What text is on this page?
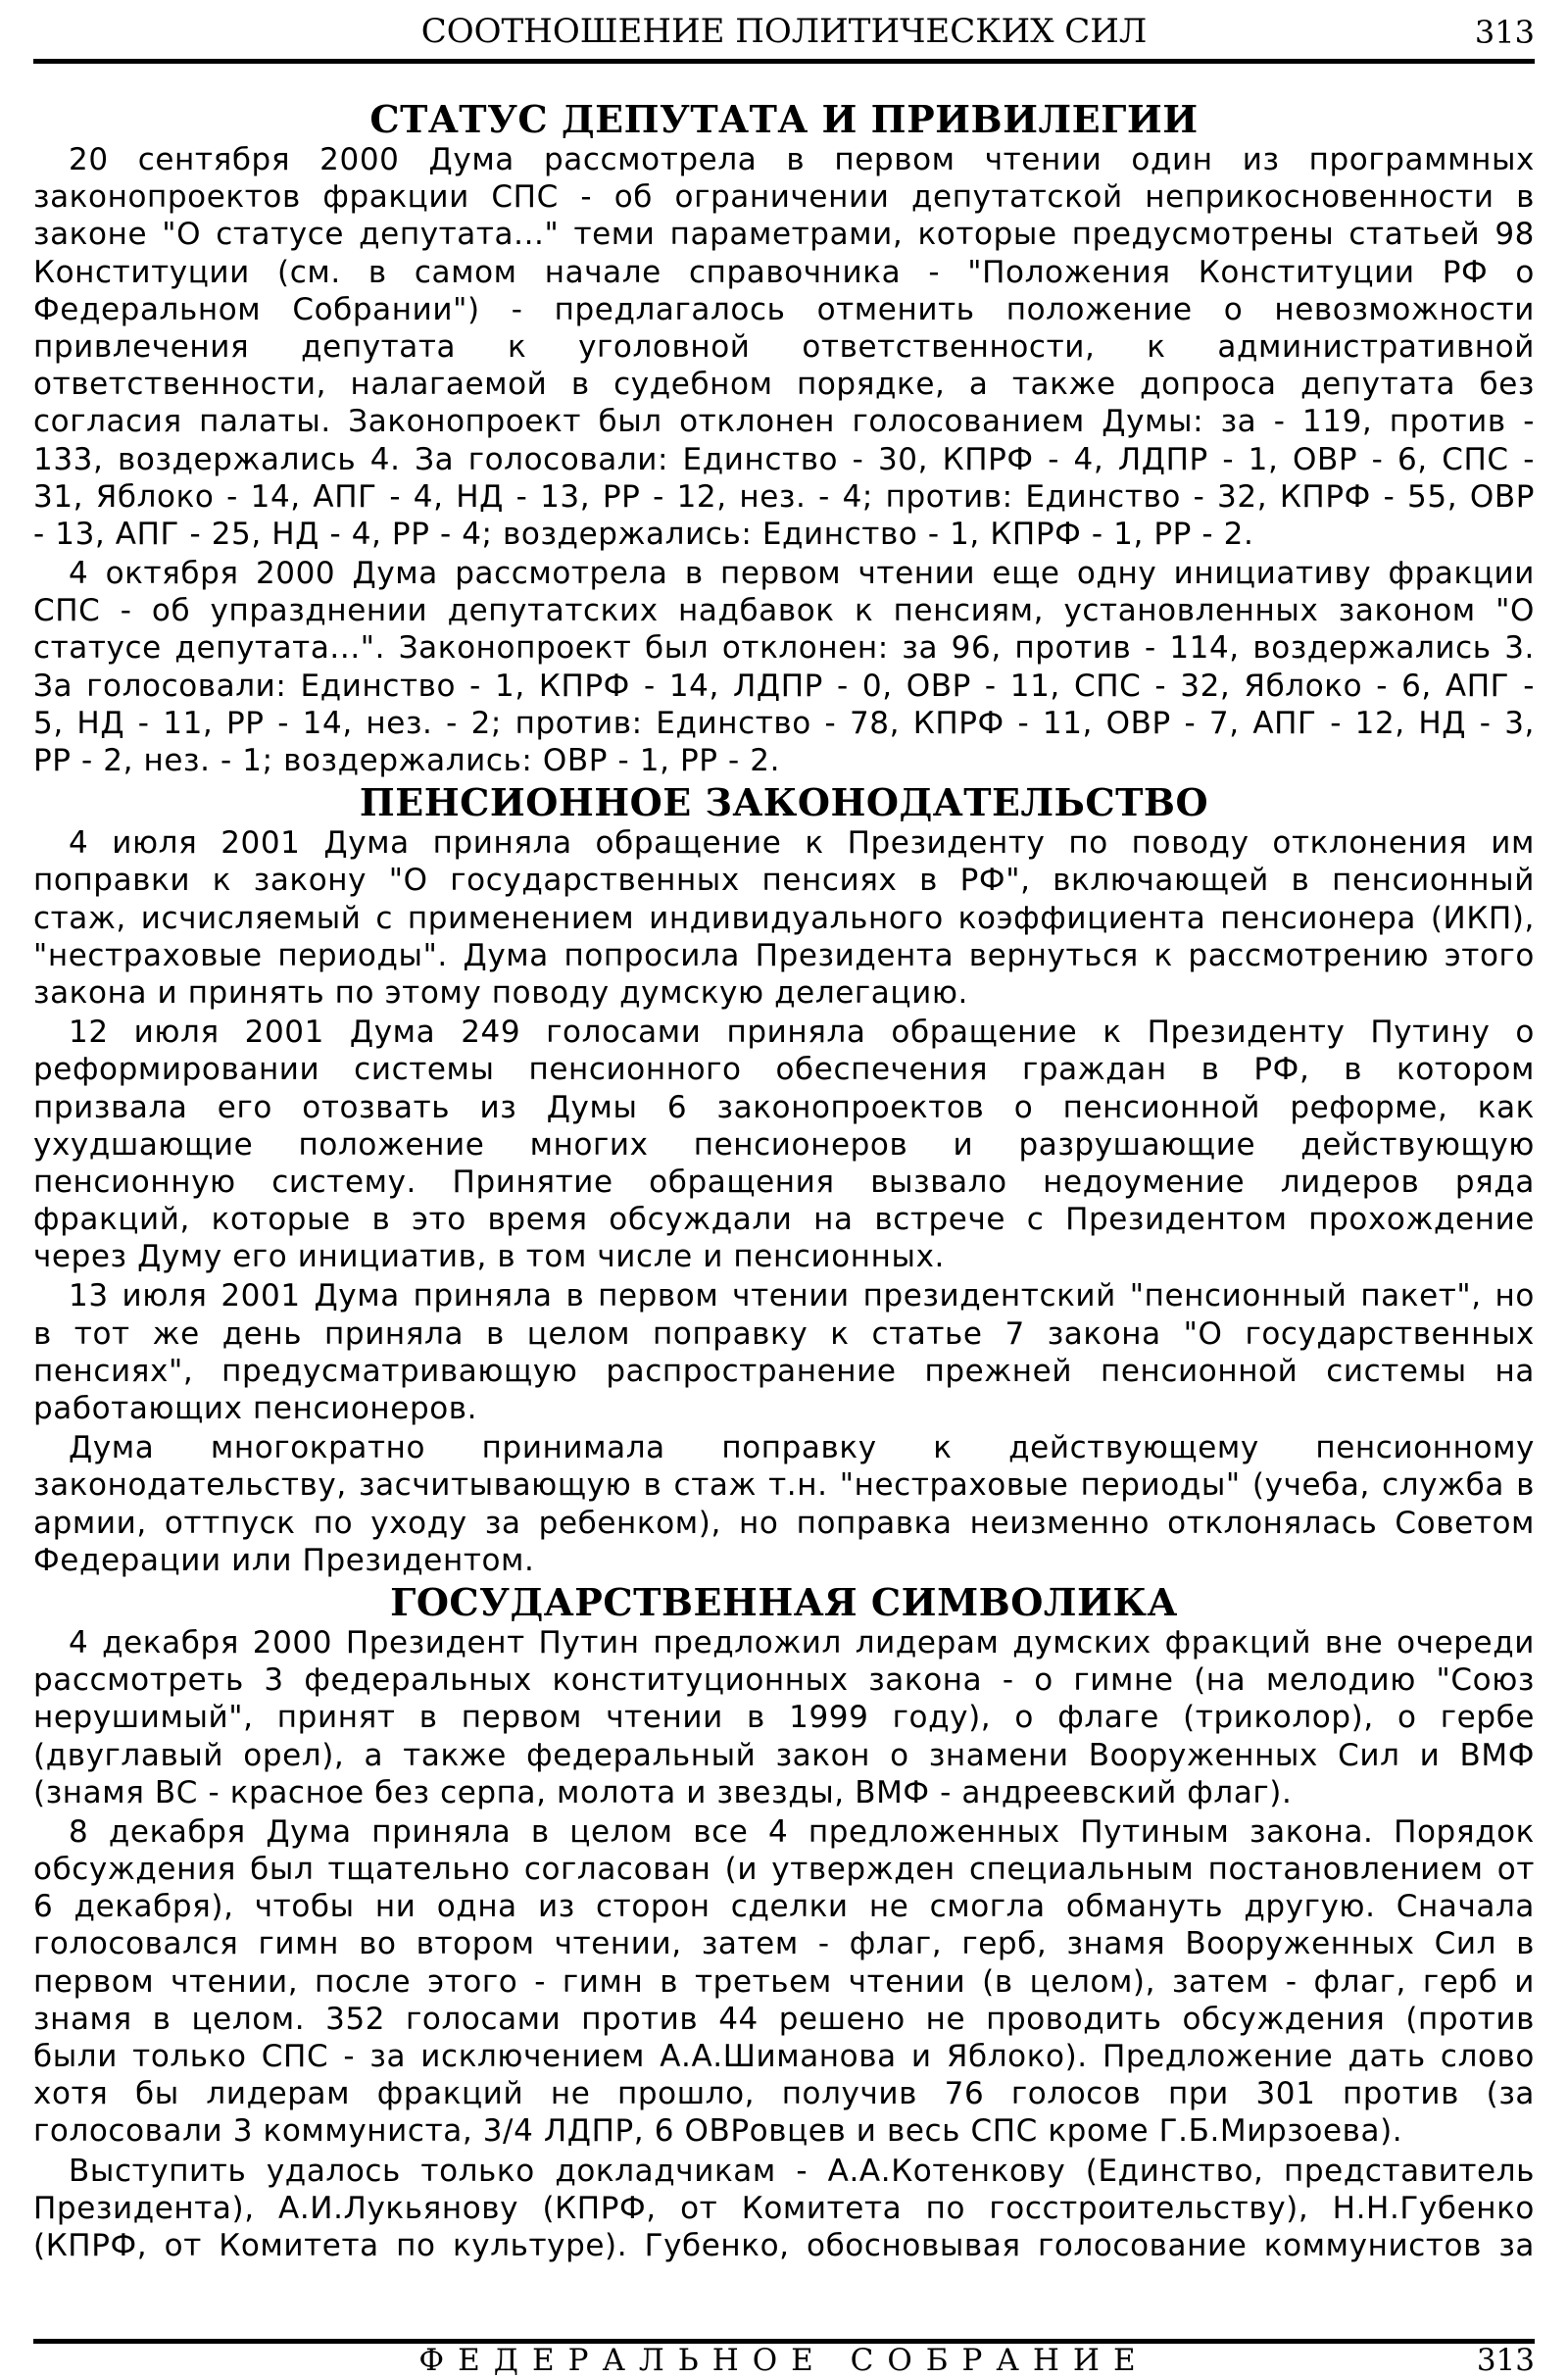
СООТНОШЕНИЕ ПОЛИТИЧЕСКИХ СИЛ	313
СТАТУС ДЕПУТАТА И ПРИВИЛЕГИИ
20 сентября 2000 Дума рассмотрела в первом чтении один из программных
законопроектов фракции СПС - об ограничении депутатской неприкосновенности в
законе "О статусе депутата..." теми параметрами, которые предусмотрены статьей 98
Конституции (см. в самом начале справочника - "Положения Конституции РФ о
Федеральном Собрании") - предлагалось отменить положение о невозможности
привлечения депутата к уголовной ответственности, к административной
ответственности, налагаемой в судебном порядке, а также допроса депутата без
согласия палаты. Законопроект был отклонен голосованием Думы: за - 119, против -
133, воздержались 4. За голосовали: Единство - 30, КПРФ - 4, ЛДПР - 1, ОВР - 6, СПС -
31, Яблоко - 14, АПГ - 4, НД - 13, РР - 12, нез. - 4; против: Единство - 32, КПРФ - 55, ОВР
- 13, АПГ - 25, НД - 4, РР - 4; воздержались: Единство - 1, КПРФ - 1, РР - 2.
4 октября 2000 Дума рассмотрела в первом чтении еще одну инициативу фракции
СПС - об упразднении депутатских надбавок к пенсиям, установленных законом "О
статусе депутата...". Законопроект был отклонен: за 96, против - 114, воздержались 3.
За голосовали: Единство - 1, КПРФ - 14, ЛДПР - 0, ОВР - 11, СПС - 32, Яблоко - 6, АПГ -
5, НД - 11, РР - 14, нез. - 2; против: Единство - 78, КПРФ - 11, ОВР - 7, АПГ - 12, НД - 3,
РР - 2, нез. - 1; воздержались: ОВР - 1, РР - 2.
ПЕНСИОННОЕ ЗАКОНОДАТЕЛЬСТВО
4 июля 2001 Дума приняла обращение к Президенту по поводу отклонения им
поправки к закону "О государственных пенсиях в РФ", включающей в пенсионный
стаж, исчисляемый с применением индивидуального коэффициента пенсионера (ИКП),
"нестраховые периоды". Дума попросила Президента вернуться к рассмотрению этого
закона и принять по этому поводу думскую делегацию.
12 июля 2001 Дума 249 голосами приняла обращение к Президенту Путину о
реформировании системы пенсионного обеспечения граждан в РФ, в котором
призвала его отозвать из Думы 6 законопроектов о пенсионной реформе, как
ухудшающие положение многих пенсионеров и разрушающие действующую
пенсионную систему. Принятие обращения вызвало недоумение лидеров ряда
фракций, которые в это время обсуждали на встрече с Президентом прохождение
через Думу его инициатив, в том числе и пенсионных.
13 июля 2001 Дума приняла в первом чтении президентский "пенсионный пакет", но
в тот же день приняла в целом поправку к статье 7 закона "О государственных
пенсиях", предусматривающую распространение прежней пенсионной системы на
работающих пенсионеров.
Дума многократно принимала поправку к действующему пенсионному
законодательству, засчитывающую в стаж т.н. "нестраховые периоды" (учеба, служба в
армии, оттпуск по уходу за ребенком), но поправка неизменно отклонялась Советом
Федерации или Президентом.
ГОСУДАРСТВЕННАЯ СИМВОЛИКА
4 декабря 2000 Президент Путин предложил лидерам думских фракций вне очереди
рассмотреть 3 федеральных конституционных закона - о гимне (на мелодию "Союз
нерушимый", принят в первом чтении в 1999 году), о флаге (триколор), о гербе
(двуглавый орел), а также федеральный закон о знамени Вооруженных Сил и ВМФ
(знамя ВС - красное без серпа, молота и звезды, ВМФ - андреевский флаг).
8 декабря Дума приняла в целом все 4 предложенных Путиным закона. Порядок
обсуждения был тщательно согласован (и утвержден специальным постановлением от
6 декабря), чтобы ни одна из сторон сделки не смогла обмануть другую. Сначала
голосовался гимн во втором чтении, затем - флаг, герб, знамя Вооруженных Сил в
первом чтении, после этого - гимн в третьем чтении (в целом), затем - флаг, герб и
знамя в целом. 352 голосами против 44 решено не проводить обсуждения (против
были только СПС - за исключением А.А.Шиманова и Яблоко). Предложение дать слово
хотя бы лидерам фракций не прошло, получив 76 голосов при 301 против (за
голосовали 3 коммуниста, 3/4 ЛДПР, 6 ОВРовцев и весь СПС кроме Г.Б.Мирзоева).
Выступить удалось только докладчикам - А.А.Котенкову (Единство, представитель
Президента), А.И.Лукьянову (КПРФ, от Комитета по госстроительству), Н.Н.Губенко
(КПРФ, от Комитета по культуре). Губенко, обосновывая голосование коммунистов за
ФЕДЕРАЛЬНОЕ СОБРАНИЕ	313
